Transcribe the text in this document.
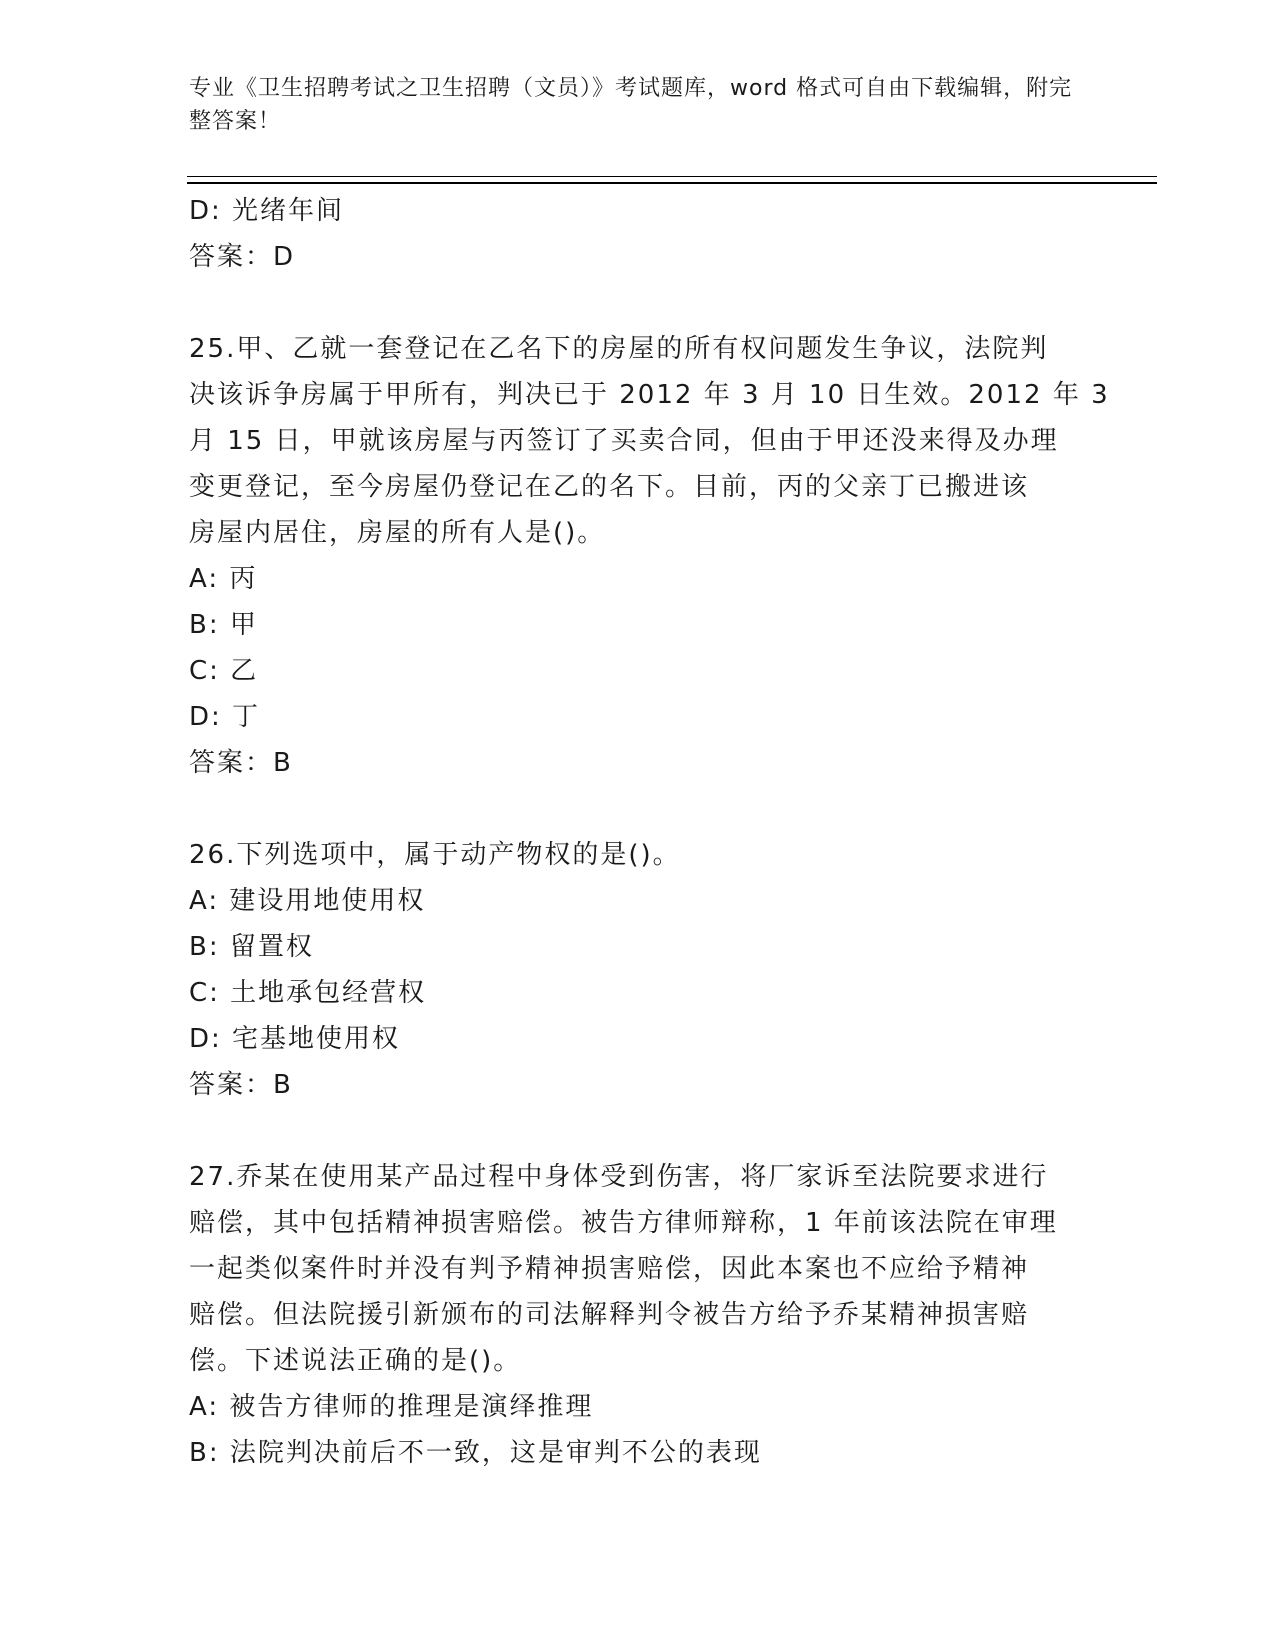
专业《卫生招聘考试之卫生招聘（文员）》考试题库，word 格式可自由下载编辑，附完整答案！
D: 光绪年间
答案：D
25.甲、乙就一套登记在乙名下的房屋的所有权问题发生争议，法院判
决该诉争房属于甲所有，判决已于 2012 年 3 月 10 日生效。2012 年 3
月 15 日，甲就该房屋与丙签订了买卖合同，但由于甲还没来得及办理
变更登记，至今房屋仍登记在乙的名下。目前，丙的父亲丁已搬进该
房屋内居住，房屋的所有人是()。
A: 丙
B: 甲
C: 乙
D: 丁
答案：B
26.下列选项中，属于动产物权的是()。
A: 建设用地使用权
B: 留置权
C: 土地承包经营权
D: 宅基地使用权
答案：B
27.乔某在使用某产品过程中身体受到伤害，将厂家诉至法院要求进行
赔偿，其中包括精神损害赔偿。被告方律师辩称，1 年前该法院在审理
一起类似案件时并没有判予精神损害赔偿，因此本案也不应给予精神
赔偿。但法院援引新颁布的司法解释判令被告方给予乔某精神损害赔
偿。下述说法正确的是()。
A: 被告方律师的推理是演绎推理
B: 法院判决前后不一致，这是审判不公的表现
